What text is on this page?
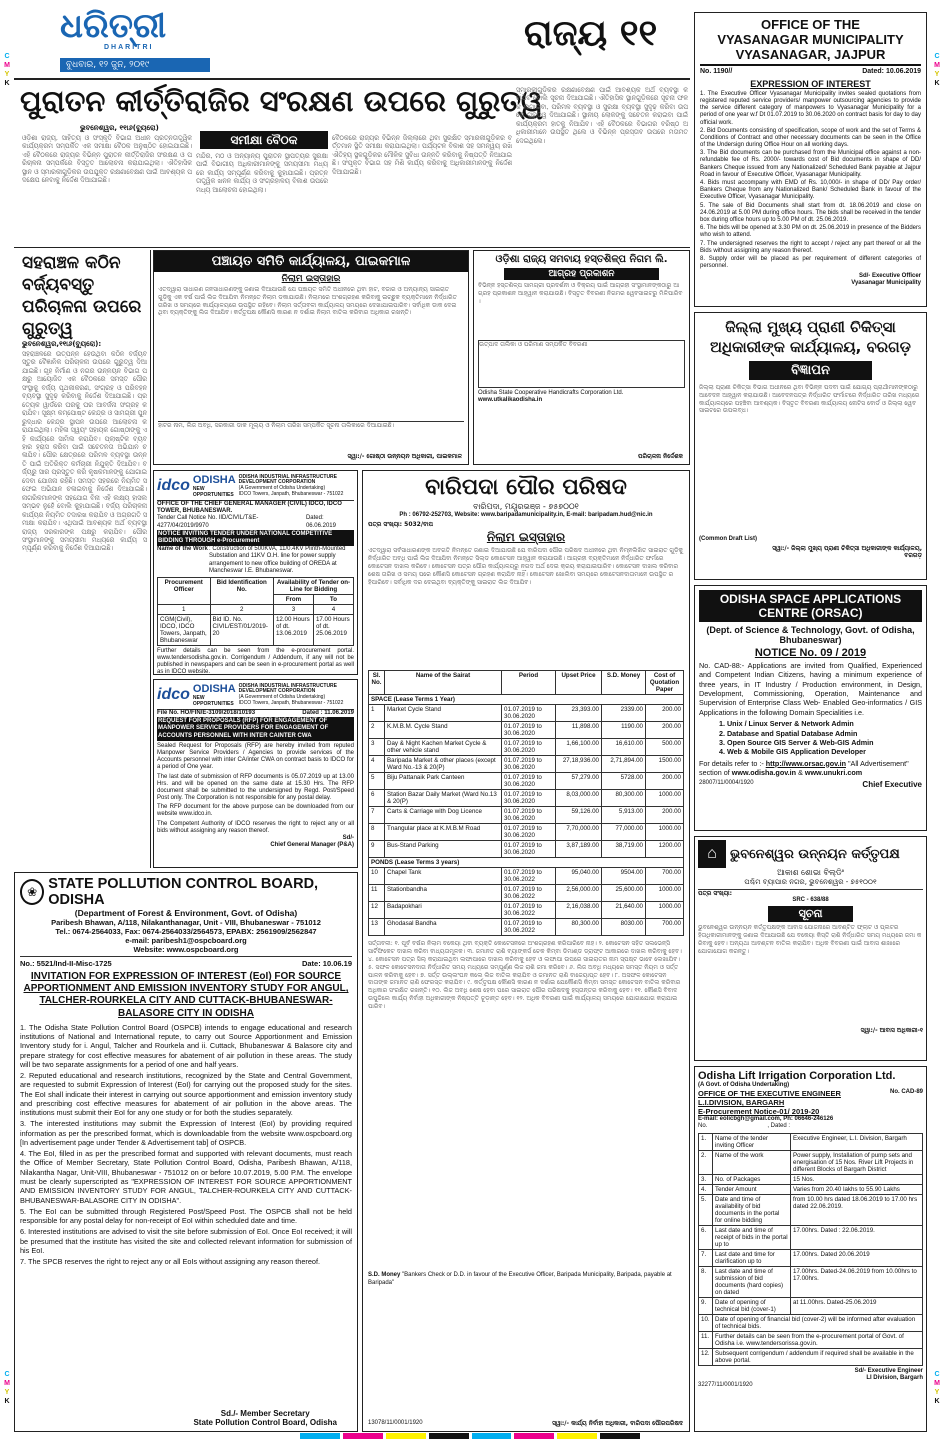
C
M
Y
K
C
M
Y
K
C
M
Y
K
C
M
Y
K
ଧରିତ୍ରୀ
DHARITRI
ବୁଧବାର, ୧୨ ଜୁନ, ୨୦୧୯
ରାଜ୍ୟ ୧୧	OFFICE OF THE
VYASANAGAR MUNICIPALITY
VYASANAGAR, JAJPUR
No. 1190//	Dated: 10.06.2019
EXPRESSION OF INTEREST
1. The Executive Officer Vyasanagar Municipality invites sealed quotations from registered reputed service providers/ manpower outsourcing agencies to provide the service different category of manpowers to Vyasanagar Municipality for a period of one year w.f Dt 01.07.2019 to 30.06.2020 on contract basis for day to day official work.
2. Bid Documents consisting of specification, scope of work and the set of Terms & Conditions of Contract and other necessary documents can be seen in the Office of the Undersign during Office Hour on all working days.
3. The Bid documents can be purchased from the Municipal office against a non-refundable fee of Rs. 2000/- towards cost of Bid documents in shape of DD/ Bankers Cheque issued from any Nationalized/ Scheduled Bank payable at Jajpur Road in favour of Executive Officer, Vyasanagar Municipality.
4. Bids must accompany with EMD of Rs. 10,000/- in shape of DD/ Pay order/ Bankers Cheque from any Nationalized Bank/ Scheduled Bank in favour of the Executive Officer, Vyasanagar Municipality.
5. The sale of Bid Documents shall start from dt. 18.06.2019 and close on 24.06.2019 at 5.00 PM during office hours. The bids shall be received in the tender box during office hours up to 5.00 PM of dt. 25.06.2019.
6. The bids will be opened at 3.30 PM on dt. 25.06.2019 in presence of the Bidders who wish to attend.
7. The undersigned reserves the right to accept / reject any part thereof or all the Bids without assigning any reason thereof.
8. Supply order will be placed as per requirement of different categories of personnel.
Sd/- Executive Officer
Vyasanagar Municipality
ପୁରାତନ କୀର୍ତ୍ତିରାଜିର ସଂରକ୍ଷଣ ଉପରେ ଗୁରୁତ୍ୱ
ଭୁବନେଶ୍ୱର, ୧୧ା୬(ବ୍ୟୁରୋ)
ସମୀକ୍ଷା ବୈଠକ
ଓଡ଼ିଶା ରାଜ୍ୟ, ସାହିତ୍ୟ ଓ ସଂସ୍କୃତି ବିଭାଗ ଅଧୀନ ପ୍ରତ୍ନତାତ୍ତ୍ୱିକ କାର୍ଯ୍ୟକ୍ରମ ସମ୍ପର୍କିତ ଏକ ସମୀକ୍ଷା ବୈଠକ ଅନୁଷ୍ଠିତ ହୋଇଯାଇଛି। ଏହି ବୈଠକରେ ରାଜ୍ୟର ବିଭିନ୍ନ ପୁରାତନ କୀର୍ତ୍ତିରାଜିର ସଂରକ୍ଷଣ ଓ ପରିଚାଳନା ସମ୍ପର୍କରେ ବିସ୍ତୃତ ଆଲୋଚନା କରାଯାଇଥିଲା। ଐତିହାସିକ ସ୍ଥାନ ଓ ସ୍ମାରକୀଗୁଡ଼ିକର ଉପଯୁକ୍ତ ରକ୍ଷଣାବେକ୍ଷଣ ପାଇଁ ଆବଶ୍ୟକ ପଦକ୍ଷେପ ନେବାକୁ ନିର୍ଦ୍ଦେଶ ଦିଆଯାଇଛି।
ମନ୍ଦିର, ମଠ ଓ ଅନ୍ୟାନ୍ୟ ପୁରାତନ ସ୍ଥାପତ୍ୟର ସୁରକ୍ଷା ପାଇଁ ବିଭାଗୀୟ ଅଧିକାରୀମାନଙ୍କୁ ସମୟସୀମା ମଧ୍ୟରେ କାର୍ଯ୍ୟ ସମ୍ପୂର୍ଣ୍ଣ କରିବାକୁ କୁହାଯାଇଛି। ପ୍ରତ୍ନତାତ୍ତ୍ୱିକ ଖନନ କାର୍ଯ୍ୟ ଓ ସଂଗ୍ରହାଳୟ ବିକାଶ ଉପରେ ମଧ୍ୟ ଆଲୋଚନା ହୋଇଥିଲା।
ବୈଠକରେ ରାଜ୍ୟର ବିଭିନ୍ନ ଜିଲ୍ଲାରେ ଥିବା ସୁରକ୍ଷିତ ସ୍ମାରକୀଗୁଡ଼ିକର ବର୍ତ୍ତମାନ ସ୍ଥିତି ସମୀକ୍ଷା କରାଯାଇଥିଲା। ପର୍ଯ୍ୟଟନ ବିକାଶ ସହ ସମନ୍ୱୟ ରଖି ଐତିହ୍ୟ ସ୍ଥଳଗୁଡ଼ିକର ମୌଳିକ ସୁବିଧା ଉନ୍ନତି କରିବାକୁ ନିଷ୍ପତ୍ତି ନିଆଯାଇଛି। ସଂପୃକ୍ତ ବିଭାଗ ସହ ମିଶି କାର୍ଯ୍ୟ କରିବାକୁ ଅଧିକାରୀମାନଙ୍କୁ ନିର୍ଦ୍ଦେଶ ଦିଆଯାଇଛି।
ସ୍ମାରକୀଗୁଡ଼ିକର ରକ୍ଷଣାବେକ୍ଷଣ ପାଇଁ ଆବଶ୍ୟକ ଅର୍ଥ ବ୍ୟବସ୍ଥା କରାଯିବ ବୋଲି ସୂଚନା ଦିଆଯାଇଛି। ଐତିହାସିକ ସ୍ଥାନଗୁଡ଼ିକରେ ସୂଚନା ଫଳକ ଲଗାଇବା, ପରିମଳ ବ୍ୟବସ୍ଥା ଓ ସୁରକ୍ଷା ବ୍ୟବସ୍ଥା ସୁଦୃଢ଼ କରିବା ଉପରେ ଗୁରୁତ୍ୱ ଦିଆଯାଇଛି। ସ୍ଥାନୀୟ ଲୋକଙ୍କୁ ସଚେତନ କରାଇବା ପାଇଁ କାର୍ଯ୍ୟକ୍ରମ ହାତକୁ ନିଆଯିବ। ଏହି ବୈଠକରେ ବିଭାଗର ବରିଷ୍ଠ ଅଧିକାରୀମାନେ ଉପସ୍ଥିତ ଥିଲେ ଓ ବିଭିନ୍ନ ପ୍ରସ୍ତାବ ଉପରେ ମତାମତ ଦେଇଥିଲେ।
ସହରାଞ୍ଚଳ କଠିନ ବର୍ଜ୍ୟବସ୍ତୁ ପରିଚାଳନା ଉପରେ ଗୁରୁତ୍ୱ
ଭୁବନେଶ୍ୱର,୧୧ା୬(ବ୍ୟୁରୋ):
ସହରାଞ୍ଚଳରେ ଉତ୍ପନ୍ନ ହେଉଥିବା କଠିନ ବର୍ଜ୍ୟବସ୍ତୁର ବୈଜ୍ଞାନିକ ପରିଚାଳନା ଉପରେ ଗୁରୁତ୍ୱ ଦିଆଯାଇଛି। ଗୃହ ନିର୍ମାଣ ଓ ନଗର ଉନ୍ନୟନ ବିଭାଗ ପକ୍ଷରୁ ଆୟୋଜିତ ଏକ ବୈଠକରେ ସମସ୍ତ ପୌରସଂସ୍ଥାକୁ ବର୍ଜ୍ୟ ପୃଥକୀକରଣ, ସଂଗ୍ରହ ଓ ପରିବହନ ବ୍ୟବସ୍ଥା ସୁଦୃଢ଼ କରିବାକୁ ନିର୍ଦ୍ଦେଶ ଦିଆଯାଇଛି। ପ୍ରତ୍ୟେକ ୱାର୍ଡରେ ଘରକୁ ଘର ଆବର୍ଜନା ସଂଗ୍ରହ କରାଯିବ। ସୂକ୍ଷ୍ମ କମ୍ପୋଷ୍ଟ କେନ୍ଦ୍ର ଓ ସାମଗ୍ରୀ ପୁନରୁଦ୍ଧାର କେନ୍ଦ୍ର ସ୍ଥାପନ ଉପରେ ଆଲୋଚନା କରାଯାଇଥିଲା। ମହିଳା ସ୍ୱୟଂ ସହାୟକ ଗୋଷ୍ଠୀଙ୍କୁ ଏହି କାର୍ଯ୍ୟରେ ସାମିଲ କରାଯିବ। ପ୍ଲାଷ୍ଟିକ ବ୍ୟବହାର ହ୍ରାସ କରିବା ପାଇଁ ସଚେତନତା ଅଭିଯାନ ଚଳାଯିବ। ପୌର କ୍ଷେତ୍ରରେ ପରିମଳ ବ୍ୟବସ୍ଥା ଉନ୍ନତି ପାଇଁ ଅତିରିକ୍ତ କର୍ମଚାରୀ ନିଯୁକ୍ତି ଦିଆଯିବ। ବର୍ଜ୍ୟରୁ ସାର ପ୍ରସ୍ତୁତ କରି କୃଷକମାନଙ୍କୁ ଯୋଗାଇ ଦେବା ଯୋଜନା ରହିଛି। ସମସ୍ତ ସହରରେ ନିୟମିତ ସଫେଇ ଅଭିଯାନ ଚଳାଇବାକୁ ନିର୍ଦ୍ଦେଶ ଦିଆଯାଇଛି। ନାଗରିକମାନଙ୍କ ସହଯୋଗ ବିନା ଏହି ଲକ୍ଷ୍ୟ ହାସଲ ସମ୍ଭବ ନୁହେଁ ବୋଲି କୁହାଯାଇଛି। ବର୍ଜ୍ୟ ପରିଚାଳନା କାର୍ଯ୍ୟର ନିୟମିତ ତଦାରଖ କରାଯିବ ଓ ଅଗ୍ରଗତି ସମୀକ୍ଷା କରାଯିବ। ଏଥିପାଇଁ ଆବଶ୍ୟକ ଅର୍ଥ ବ୍ୟବସ୍ଥା ରାଜ୍ୟ ସରକାରଙ୍କ ପକ୍ଷରୁ କରାଯିବ। ପୌରସଂସ୍ଥାମାନଙ୍କୁ ସମୟସୀମା ମଧ୍ୟରେ କାର୍ଯ୍ୟ ସମ୍ପୂର୍ଣ୍ଣ କରିବାକୁ ନିର୍ଦ୍ଦେଶ ଦିଆଯାଇଛି।
ପଞ୍ଚାୟତ ସମିତି କାର୍ଯ୍ୟାଳୟ, ପାଇକମାଳ
ନିଲାମ ଇସ୍ତାହାର
ଏତଦ୍ୱାରା ସାଧାରଣ ଜନସାଧାରଣଙ୍କୁ ଜଣାଇ ଦିଆଯାଉଛି ଯେ ପଞ୍ଚାୟତ ସମିତି ଅଧୀନରେ ଥିବା ହାଟ, ବଜାର ଓ ଅନ୍ୟାନ୍ୟ ସାଇରାତ ଗୁଡ଼ିକୁ ଏକ ବର୍ଷ ପାଇଁ ଲିଜ ଦିଆଯିବା ନିମନ୍ତେ ନିଲାମ ଡକାଯାଉଛି। ନିଲାମରେ ଅଂଶଗ୍ରହଣ କରିବାକୁ ଇଚ୍ଛୁକ ବ୍ୟକ୍ତିମାନେ ନିର୍ଦ୍ଧାରିତ ତାରିଖ ଓ ସମୟରେ କାର୍ଯ୍ୟାଳୟରେ ଉପସ୍ଥିତ ରହିବେ। ନିଲାମ ସର୍ତ୍ତାବଳୀ କାର୍ଯ୍ୟାଳୟ ସମୟରେ ଦେଖାଯାଇପାରିବ। ସର୍ବାଧିକ ଡାକ ଦେଇଥିବା ବ୍ୟକ୍ତିଙ୍କୁ ଲିଜ ଦିଆଯିବ। କର୍ତ୍ତୃପକ୍ଷ କୌଣସି କାରଣ ନ ଦର୍ଶାଇ ନିଲାମ ବାତିଲ କରିବାର ଅଧିକାର ରଖନ୍ତି।
ହାଟର ନାମ, ଲିଜ ଅବଧି, ସରକାରୀ ଡାକ ମୂଲ୍ୟ ଓ ନିଲାମ ତାରିଖ ସମ୍ପର୍କିତ ସୂଚନା ତାଲିକାରେ ଦିଆଯାଇଛି।
ସ୍ୱା:/- ଗୋଷ୍ଠୀ ଉନ୍ନୟନ ଅଧିକାରୀ, ପାଇକମାଳ
ଓଡ଼ିଶା ରାଜ୍ୟ ସମବାୟ ହସ୍ତଶିଳ୍ପ ନିଗମ ଲି.
ଆଗ୍ରହ ପ୍ରକାଶନ
ବିଭିନ୍ନ ହସ୍ତଶିଳ୍ପ ସାମଗ୍ରୀ ପ୍ରଦର୍ଶନୀ ଓ ବିକ୍ରୟ ପାଇଁ ଆଗ୍ରହୀ ସଂସ୍ଥାମାନଙ୍କଠାରୁ ଆଗ୍ରହ ପ୍ରକାଶନ ଆହ୍ୱାନ କରାଯାଉଛି। ବିସ୍ତୃତ ବିବରଣୀ ନିଗମର ୱେବସାଇଟରୁ ମିଳିପାରିବ।
ଉତ୍ପାଦ ତାଲିକା ଓ ପରିମାଣ ସମ୍ପର୍କିତ ବିବରଣୀ
Odisha State Cooperative Handicrafts Corporation Ltd. www.utkalikaodisha.in
ପରିଚାଳନା ନିର୍ଦ୍ଦେଶକ
ଜିଲ୍ଲା ମୁଖ୍ୟ ପ୍ରାଣୀ ଚିକିତ୍ସା ଅଧିକାରୀଙ୍କ କାର୍ଯ୍ୟାଳୟ, ବରଗଡ଼
ବିଜ୍ଞାପନ
ଜିଲ୍ଲା ପ୍ରାଣୀ ଚିକିତ୍ସା ବିଭାଗ ଅଧୀନରେ ଥିବା ବିଭିନ୍ନ ପଦବୀ ପାଇଁ ଯୋଗ୍ୟ ପ୍ରାର୍ଥୀମାନଙ୍କଠାରୁ ଆବେଦନ ଆହ୍ୱାନ କରାଯାଉଛି। ଆବେଦନପତ୍ର ନିର୍ଦ୍ଧାରିତ ଫର୍ମାଟରେ ନିର୍ଦ୍ଧାରିତ ତାରିଖ ମଧ୍ୟରେ କାର୍ଯ୍ୟାଳୟରେ ପହଞ୍ଚିବା ଆବଶ୍ୟକ। ବିସ୍ତୃତ ବିବରଣୀ କାର୍ଯ୍ୟାଳୟ ନୋଟିସ ବୋର୍ଡ ଓ ଜିଲ୍ଲା ୱେବସାଇଟରେ ଉପଲବ୍ଧ।
(Common Draft List)
ସ୍ୱା:/- ଜିଲ୍ଲା ମୁଖ୍ୟ ପ୍ରାଣୀ ଚିକିତ୍ସା ଅଧିକାରୀଙ୍କ କାର୍ଯ୍ୟାଳୟ,
ବରଗଡ଼
idco ODISHA
NEW OPPORTUNITIES
ODISHA INDUSTRIAL INFRASTRUCTURE DEVELOPMENT CORPORATION
(A Government of Odisha Undertaking)
IDCO Towers, Janpath, Bhubaneswar - 751022
OFFICE OF THE CHIEF GENERAL MANAGER (CIVIL) IDCO, IDCO TOWER, BHUBANESWAR.
Tender Call Notice No. IID/CIVIL/T&E-4277/04/2019/9970
Dated: 06.06.2019
NOTICE INVITING TENDER UNDER NATIONAL COMPETITIVE BIDDING THROUGH e-Procurement
Name of the Work : Construction of 500KVA, 11/0.4KV Plinth-Mounted Substation and 11KV O.H. line for power supply arrangement to new office building of OREDA at Mancheswar I.E. Bhubaneswar.
Procurement Officer	Bid Identification No.	Availability of Tender on-Line for Bidding	
		From	To
1	2	3	4
CGM(Civil), IDCO, IDCO Towers, Janpath, Bhubaneswar	Bid ID. No. CIVIL/EST/01/2019-20	12.00 Hours of dt. 13.06.2019	17.00 Hours of dt. 25.06.2019
Further details can be seen from the e-procurement portal. www.tendersodisha.gov.in. Corrigendum / Addendum, if any will not be published in newspapers and can be seen in e-procurement portal as well as in IDCO website.
idco ODISHA
NEW OPPORTUNITIES
ODISHA INDUSTRIAL INFRASTRUCTURE DEVELOPMENT CORPORATION
(A Government of Odisha Undertaking)
IDCO Towers, Janpath, Bhubaneswar - 751022
File No. HO/FIN/E-3109/2018/10193	Dated : 11.06.2019
REQUEST FOR PROPOSALS (RFP) FOR ENGAGEMENT OF MANPOWER SERVICE PROVIDERS FOR ENGAGEMENT OF ACCOUNTS PERSONNEL WITH INTER CAINTER CWA
Sealed Request for Proposals (RFP) are hereby invited from reputed Manpower Service Providers / Agencies to provide services of the Accounts personnel with inter CA/inter CWA on contract basis to IDCO for a period of One year.
The last date of submission of RFP documents is 05.07.2019 up at 13.00 Hrs. and will be opened on the same date at 15.30 Hrs. The RFP document shall be submitted to the undersigned by Regd. Post/Speed Post only. The Corporation is not responsible for any postal delay.
The RFP document for the above purpose can be downloaded from our website www.idco.in.
The Competent Authority of IDCO reserves the right to reject any or all bids without assigning any reason thereof.
Sd/-
Chief General Manager (P&A)
ବାରିପଦା ପୌର ପରିଷଦ
ବାରିପଦା, ମୟୂରଭଞ୍ଜ - ୭୫୭୦୦୧
Ph : 06792-252703, Website: www.baripadamunicipality.in, E-mail: baripadam.hud@nic.in
ପତ୍ର ସଂଖ୍ୟା: 5032/ବାପ
ନିଲାମ ଇସ୍ତାହାର
ଏତଦ୍ୱାରା ସର୍ବସାଧାରଣଙ୍କ ଅବଗତି ନିମନ୍ତେ ଜଣାଇ ଦିଆଯାଉଛି ଯେ ବାରିପଦା ପୌର ପରିଷଦ ଅଧୀନରେ ଥିବା ନିମ୍ନଲିଖିତ ସାଇରାତ ଗୁଡ଼ିକୁ ନିର୍ଦ୍ଧାରିତ ଅବଧି ପାଇଁ ଲିଜ ଦିଆଯିବା ନିମନ୍ତେ ସିଲ୍ଡ କୋଟେସନ ଆହ୍ୱାନ କରାଯାଉଛି। ଆଗ୍ରହୀ ବ୍ୟକ୍ତିମାନେ ନିର୍ଦ୍ଧାରିତ ଫର୍ମରେ କୋଟେସନ ଦାଖଲ କରିବେ। କୋଟେସନ ପତ୍ର ପୌର କାର୍ଯ୍ୟାଳୟରୁ ନଗଦ ଅର୍ଥ ଦେଇ କ୍ରୟ କରାଯାଇପାରିବ। କୋଟେସନ ଦାଖଲ କରିବାର ଶେଷ ତାରିଖ ଓ ସମୟ ପରେ କୌଣସି କୋଟେସନ ଗ୍ରହଣ କରାଯିବ ନାହିଁ। କୋଟେସନ ଖୋଲିବା ସମୟରେ କୋଟେସନଦାତାମାନେ ଉପସ୍ଥିତ ରହିପାରିବେ। ସର୍ବାଧିକ ଦର ଦେଇଥିବା ବ୍ୟକ୍ତିଙ୍କୁ ସାଇରାତ ଲିଜ ଦିଆଯିବ।
Sl. No.	Name of the Sairat	Period	Upset Price	S.D. Money	Cost of Quotation Paper
SPACE (Lease Terms 1 Year)					
1	Market Cycle Stand	01.07.2019 to 30.06.2020	23,393.00	2339.00	200.00
2	K.M.B.M. Cycle Stand	01.07.2019 to 30.06.2020	11,898.00	1190.00	200.00
3	Day & Night Kachen Market Cycle & other vehicle stand	01.07.2019 to 30.06.2020	1,66,100.00	16,610.00	500.00
4	Baripada Market & other places (except Ward No.-13 & 20(P)	01.07.2019 to 30.06.2020	27,18,936.00	2,71,894.00	1500.00
5	Biju Pattanaik Park Canteen	01.07.2019 to 30.06.2020	57,279.00	5728.00	200.00
6	Station Bazar Daily Market (Ward No.13 & 20(P)	01.07.2019 to 30.06.2020	8,03,000.00	80,300.00	1000.00
7	Carts & Carriage with Dog Licence	01.07.2019 to 30.06.2020	59,126.00	5,913.00	200.00
8	Tnangular place at K.M.B.M Road	01.07.2019 to 30.06.2020	7,70,000.00	77,000.00	1000.00
9	Bus-Stand Parking	01.07.2019 to 30.06.2020	3,87,189.00	38,719.00	1200.00
PONDS (Lease Terms 3 years)					
10	Chapel Tank	01.07.2019 to 30.06.2022	95,040.00	9504.00	700.00
11	Stationbandha	01.07.2019 to 30.06.2022	2,56,000.00	25,600.00	1000.00
12	Badapokhari	01.07.2019 to 30.06.2022	2,16,038.00	21,640.00	1000.00
13	Ghodasal Bandha	01.07.2019 to 30.06.2022	80,300.00	8030.00	700.00
ସର୍ତ୍ତାବଳୀ: ୧. ପୂର୍ବ ବର୍ଷର ନିଲାମ ବକେୟା ଥିବା ବ୍ୟକ୍ତି କୋଟେସନରେ ଅଂଶଗ୍ରହଣ କରିପାରିବେ ନାହିଁ। ୨. କୋଟେସନ ସହିତ ସଲଭେନ୍ସି ସାର୍ଟିଫିକେଟ ଦାଖଲ କରିବା ବାଧ୍ୟତାମୂଳକ। ୩. ଜମାନତ ରାଶି ବ୍ୟାଙ୍କର୍ସ ଚେକ କିମ୍ବା ଡିମାଣ୍ଡ ଡ୍ରାଫ୍ଟ ଆକାରରେ ଦାଖଲ କରିବାକୁ ହେବ। ୪. କୋଟେସନ ପତ୍ର ସିଲ୍ କରାଯାଇଥିବା ଲଫାପାରେ ଦାଖଲ କରିବାକୁ ହେବ ଓ ଲଫାପା ଉପରେ ସାଇରାତର ନାମ ସ୍ପଷ୍ଟ ଭାବେ ଲେଖାଯିବ। ୫. ସଫଳ କୋଟେସନଦାତା ନିର୍ଦ୍ଧାରିତ ସମୟ ମଧ୍ୟରେ ସମ୍ପୂର୍ଣ୍ଣ ଲିଜ ରାଶି ଜମା କରିବେ। ୬. ଲିଜ ଅବଧି ମଧ୍ୟରେ ସମସ୍ତ ନିୟମ ଓ ସର୍ତ୍ତ ପାଳନ କରିବାକୁ ହେବ। ୭. ସର୍ତ୍ତ ଉଲ୍ଲଂଘନ କଲେ ଲିଜ ବାତିଲ କରାଯିବ ଓ ଜମାନତ ରାଶି ବାଜେୟାପ୍ତ ହେବ। ୮. ଅସଫଳ କୋଟେସନଦାତାଙ୍କ ଜମାନତ ରାଶି ଫେରସ୍ତ କରାଯିବ। ୯. କର୍ତ୍ତୃପକ୍ଷ କୌଣସି କାରଣ ନ ଦର୍ଶାଇ ଯେକୌଣସି କିମ୍ବା ସମସ୍ତ କୋଟେସନ ବାତିଲ କରିବାର ଅଧିକାର ସଂରକ୍ଷିତ ରଖନ୍ତି। ୧୦. ଲିଜ ଅବଧି ଶେଷ ହେବା ପରେ ସାଇରାତ ପୌର ପରିଷଦକୁ ହସ୍ତାନ୍ତର କରିବାକୁ ହେବ। ୧୧. କୌଣସି ବିବାଦ ଉପୁଜିଲେ କାର୍ଯ୍ୟ ନିର୍ବାହୀ ଅଧିକାରୀଙ୍କ ନିଷ୍ପତ୍ତି ଚୂଡ଼ାନ୍ତ ହେବ। ୧୨. ଅଧିକ ବିବରଣୀ ପାଇଁ କାର୍ଯ୍ୟାଳୟ ସମୟରେ ଯୋଗାଯୋଗ କରାଯାଇପାରିବ।
S.D. Money "Bankers Check or D.D. in favour of the Executive Officer, Baripada Municipality, Baripada, payable at Baripada"
13078/11/0001/1920	ସ୍ୱା:/- କାର୍ଯ୍ୟ ନିର୍ବାହୀ ଅଧିକାରୀ, ବାରିପଦା ପୌରପରିଷଦ
ODISHA SPACE APPLICATIONS
CENTRE (ORSAC)
(Dept. of Science & Technology, Govt. of Odisha, Bhubaneswar)
NOTICE No. 09 / 2019
No. CAD-88:- Applications are invited from Qualified, Experienced and Competent Indian Citizens, having a minimum experience of three years, in IT Industry / Production environment, in Design, Development, Commissioning, Operation, Maintenance and Supervision of Enterprise Class Web- Enabled Geo-informatics / GIS Applications in the following Domain Specialities i.e.
1. Unix / Linux Server & Network Admin
2. Database and Spatial Database Admin
3. Open Source GIS Server & Web-GIS Admin
4. Web & Mobile GIS Application Developer
For details refer to :- http://www.orsac.gov.in "All Advertisement" section of www.odisha.gov.in & www.unukri.com
28007/11/0004/1920	Chief Executive
⌂	ଭୁବନେଶ୍ୱର ଉନ୍ନୟନ କର୍ତ୍ତୃପକ୍ଷ
ଆକାଶ ଶୋଭା ବିଲ୍ଡିଂ
ପଶ୍ଚିମ ବ୍ୟାପାର ନଗର, ଭୁବନେଶ୍ୱର - ୭୫୧୦୦୧
ପତ୍ର ସଂଖ୍ୟା:
SRC - 638/88
ସୂଚନା
ଭୁବନେଶ୍ୱର ଉନ୍ନୟନ କର୍ତ୍ତୃପକ୍ଷଙ୍କ ଆବାସ ଯୋଜନାରେ ଆବଣ୍ଟିତ ଫ୍ଲାଟ ଓ ପ୍ଲଟର ହିତାଧିକାରୀମାନଙ୍କୁ ଜଣାଇ ଦିଆଯାଉଛି ଯେ ବକେୟା କିସ୍ତି ରାଶି ନିର୍ଦ୍ଧାରିତ ସମୟ ମଧ୍ୟରେ ଜମା କରିବାକୁ ହେବ। ଅନ୍ୟଥା ଆବଣ୍ଟନ ବାତିଲ କରାଯିବ। ଅଧିକ ବିବରଣୀ ପାଇଁ ଆବାସ ଶାଖାରେ ଯୋଗାଯୋଗ କରନ୍ତୁ।
ସ୍ୱା:/- ଆବାସ ଅଧିକାରୀ-୧
❀ STATE POLLUTION CONTROL BOARD, ODISHA
(Department of Forest & Environment, Govt. of Odisha)
Paribesh Bhawan, A/118, Nilakanthanagar, Unit - VIII, Bhubaneswar - 751012
Tel.: 0674-2564033, Fax: 0674-2564033/2564573, EPABX: 2561909/2562847
e-mail: paribesh1@ospcboard.org
Website: www.ospcboard.org
No.: 5521/Ind-II-Misc-1725	Date: 10.06.19
INVITATION FOR EXPRESSION OF INTEREST (EoI) FOR SOURCE APPORTIONMENT AND EMISSION INVENTORY STUDY FOR ANGUL, TALCHER-ROURKELA CITY AND CUTTACK-BHUBANESWAR-BALASORE CITY IN ODISHA
1. The Odisha State Pollution Control Board (OSPCB) intends to engage educational and research institutions of National and International repute, to carry out Source Apportionment and Emission Inventory study for i. Angul, Talcher and Rourkela and ii. Cuttack, Bhubaneswar & Balasore city and prepare strategy for cost effective measures for abatement of air pollution in these areas. The study will be two separate assignments for a period of one and half years.
2. Reputed educational and research institutions, recognized by the State and Central Government, are requested to submit Expression of Interest (EoI) for carrying out the proposed study for the sites. The EoI shall indicate their interest in carrying out source apportionment and emission inventory study and prescribing cost effective measures for abatement of air pollution in the above areas. The institutions must submit their EoI for any one study or for both the studies separately.
3. The interested institutions may submit the Expression of Interest (EoI) by providing required information as per the prescribed format, which is downloadable from the website www.ospcboard.org [In advertisement page under Tender & Advertisement tab] of OSPCB.
4. The EoI, filled in as per the prescribed format and supported with relevant documents, must reach the Office of Member Secretary, State Pollution Control Board, Odisha, Paribesh Bhawan, A/118, Nilakantha Nagar, Unit-VIII, Bhubaneswar - 751012 on or before 10.07.2019, 5.00 P.M. The envelope must be clearly superscripted as "EXPRESSION OF INTEREST FOR SOURCE APPORTIONMENT AND EMISSION INVENTORY STUDY FOR ANGUL, TALCHER-ROURKELA CITY AND CUTTACK-BHUBANESWAR-BALASORE CITY IN ODISHA".
5. The EoI can be submitted through Registered Post/Speed Post. The OSPCB shall not be held responsible for any postal delay for non-receipt of EoI within scheduled date and time.
6. Interested institutions are advised to visit the site before submission of EoI. Once EoI received; it will be presumed that the institute has visited the site and collected relevant information for submission of his EoI.
7. The SPCB reserves the right to reject any or all EoIs without assigning any reason thereof.
Sd./- Member Secretary
State Pollution Control Board, Odisha
Odisha Lift Irrigation Corporation Ltd.
(A Govt. of Odisha Undertaking)
OFFICE OF THE EXECUTIVE ENGINEER
L.I.DIVISION, BARGARH
E-Procurement Notice-01/ 2019-20
No. CAD-89
E-mail: eolicbgh@gmail.com, Ph: 06646-246126
No.	, Dated :
1.	Name of the tender inviting Officer	Executive Engineer, L.I. Division, Bargarh
2.	Name of the work	Power supply, Installation of pump sets and energisation of 15 Nos. River Lift Projects in different Blocks of Bargarh District
3.	No. of Packages	15 Nos.
4.	Tender Amount	Varies from 20.40 lakhs to 55.90 Lakhs
5.	Date and time of availability of bid documents in the portal for online bidding	from 10.00 hrs dated 18.06.2019 to 17.00 hrs dated 22.06.2019.
6.	Last date and time of receipt of bids in the portal up to	17.00hrs. Dated : 22.06.2019.
7.	Last date and time for clarification up to	17.00hrs. Dated 20.06.2019
8.	Last date and time of submission of bid documents (hard copies) on dated	17.00hrs. Dated-24.06.2019 from 10.00hrs to 17.00hrs.
9.	Date of opening of technical bid (cover-1)	at 11.00hrs. Dated-25.06.2019
10.	Date of opening of financial bid (cover-2) will be informed after evaluation of technical bids.	
11.	Further details can be seen from the e-procurement portal of Govt. of Odisha i.e. www.tendersorissa.gov.in.	
12.	Subsequent corrigendum / addendum if required shall be available in the above portal.	
Sd/- Executive Engineer
LI Division, Bargarh
32277/11/0001/1920
